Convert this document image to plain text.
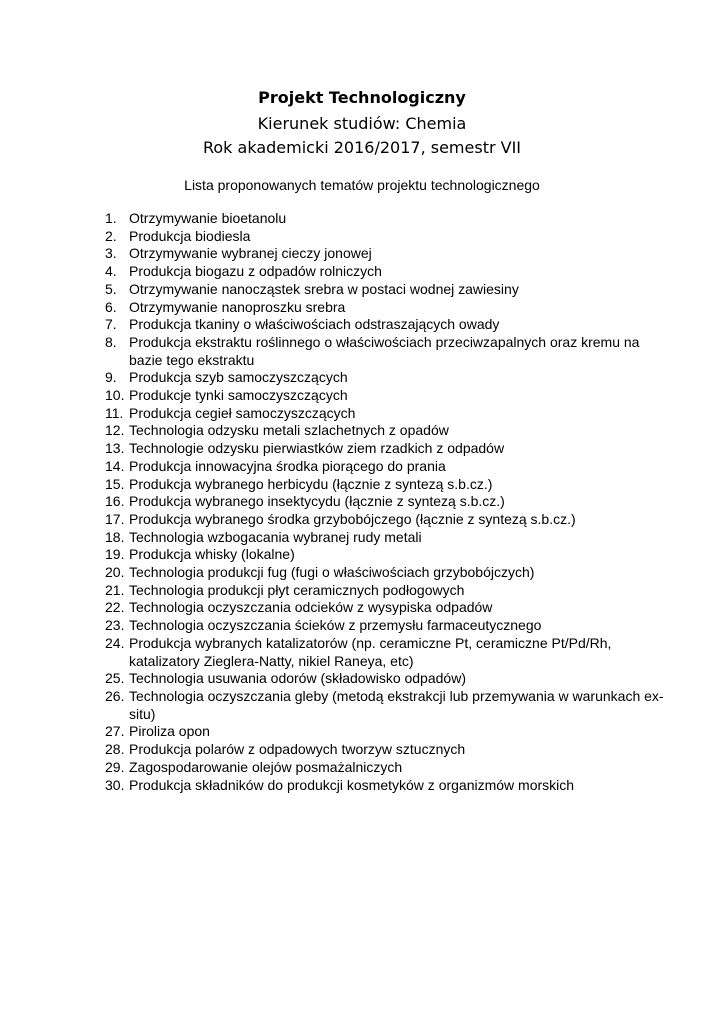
Projekt Technologiczny
Kierunek studiów: Chemia
Rok akademicki 2016/2017, semestr VII
Lista proponowanych tematów projektu technologicznego
1. Otrzymywanie bioetanolu
2. Produkcja biodiesla
3. Otrzymywanie wybranej cieczy jonowej
4. Produkcja biogazu z odpadów rolniczych
5. Otrzymywanie nanocząstek srebra w postaci wodnej zawiesiny
6. Otrzymywanie nanoproszku srebra
7. Produkcja tkaniny o właściwościach odstraszających owady
8. Produkcja ekstraktu roślinnego o właściwościach przeciwzapalnych oraz kremu na bazie tego ekstraktu
9. Produkcja szyb samoczyszczących
10. Produkcje tynki samoczyszczących
11. Produkcja cegieł samoczyszczących
12. Technologia odzysku metali szlachetnych z opadów
13. Technologie odzysku pierwiastków ziem rzadkich z odpadów
14. Produkcja innowacyjna środka piorącego do prania
15. Produkcja wybranego herbicydu (łącznie z syntezą s.b.cz.)
16. Produkcja wybranego insektycydu (łącznie z syntezą s.b.cz.)
17. Produkcja wybranego środka grzybobójczego (łącznie z syntezą s.b.cz.)
18. Technologia wzbogacania wybranej rudy metali
19. Produkcja whisky (lokalne)
20. Technologia produkcji fug (fugi o właściwościach grzybobójczych)
21. Technologia produkcji płyt ceramicznych podłogowych
22. Technologia oczyszczania odcieków z wysypiska odpadów
23. Technologia oczyszczania ścieków z przemysłu farmaceutycznego
24. Produkcja wybranych katalizatorów (np. ceramiczne Pt, ceramiczne Pt/Pd/Rh, katalizatory Zieglera-Natty, nikiel Raneya, etc)
25. Technologia usuwania odorów (składowisko odpadów)
26. Technologia oczyszczania gleby (metodą ekstrakcji lub przemywania w warunkach ex-situ)
27. Piroliza opon
28. Produkcja polarów z odpadowych tworzyw sztucznych
29. Zagospodarowanie olejów posmażalniczych
30. Produkcja składników do produkcji kosmetyków z organizmów morskich
